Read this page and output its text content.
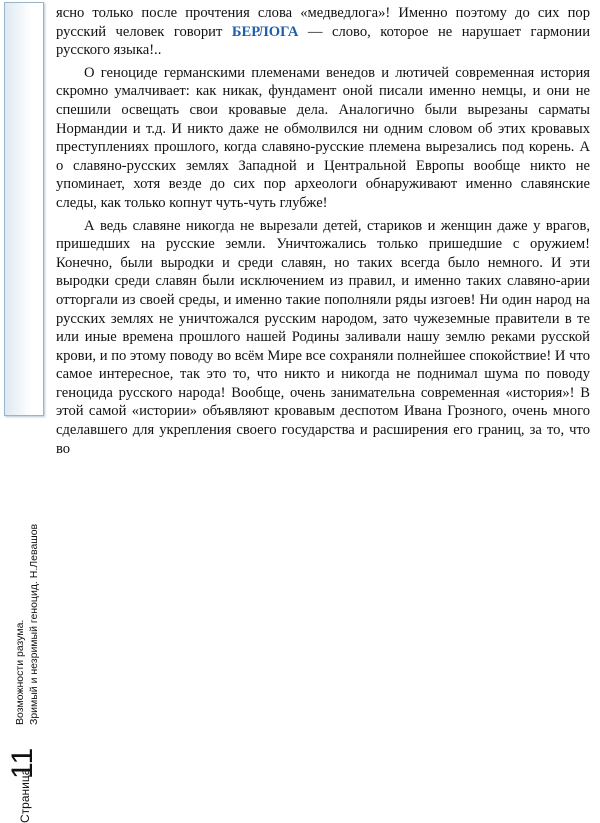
Страница
11
Возможности разума. Зримый и незримый геноцид. Н.Левашов

ясно только после прочтения слова «медведлога»! Именно поэтому до сих пор русский человек говорит БЕРЛОГА — слово, которое не нарушает гармонии русского языка!..

О геноциде германскими племенами венедов и лютичей современная история скромно умалчивает: как никак, фундамент оной писали именно немцы, и они не спешили освещать свои кровавые дела. Аналогично были вырезаны сарматы Нормандии и т.д. И никто даже не обмолвился ни одним словом об этих кровавых преступлениях прошлого, когда славяно-русские племена вырезались под корень. А о славяно-русских землях Западной и Центральной Европы вообще никто не упоминает, хотя везде до сих пор археологи обнаруживают именно славянские следы, как только копнут чуть-чуть глубже!

А ведь славяне никогда не вырезали детей, стариков и женщин даже у врагов, пришедших на русские земли. Уничтожались только пришедшие с оружием! Конечно, были выродки и среди славян, но таких всегда было немного. И эти выродки среди славян были исключением из правил, и именно таких славяно-арии отторгали из своей среды, и именно такие пополняли ряды изгоев! Ни один народ на русских землях не уничтожался русским народом, зато чужеземные правители в те или иные времена прошлого нашей Родины заливали нашу землю реками русской крови, и по этому поводу во всём Мире все сохраняли полнейшее спокойствие! И что самое интересное, так это то, что никто и никогда не поднимал шума по поводу геноцида русского народа! Вообще, очень занимательна современная «история»! В этой самой «истории» объявляют кровавым деспотом Ивана Грозного, очень много сделавшего для укрепления своего государства и расширения его границ, за то, что во
